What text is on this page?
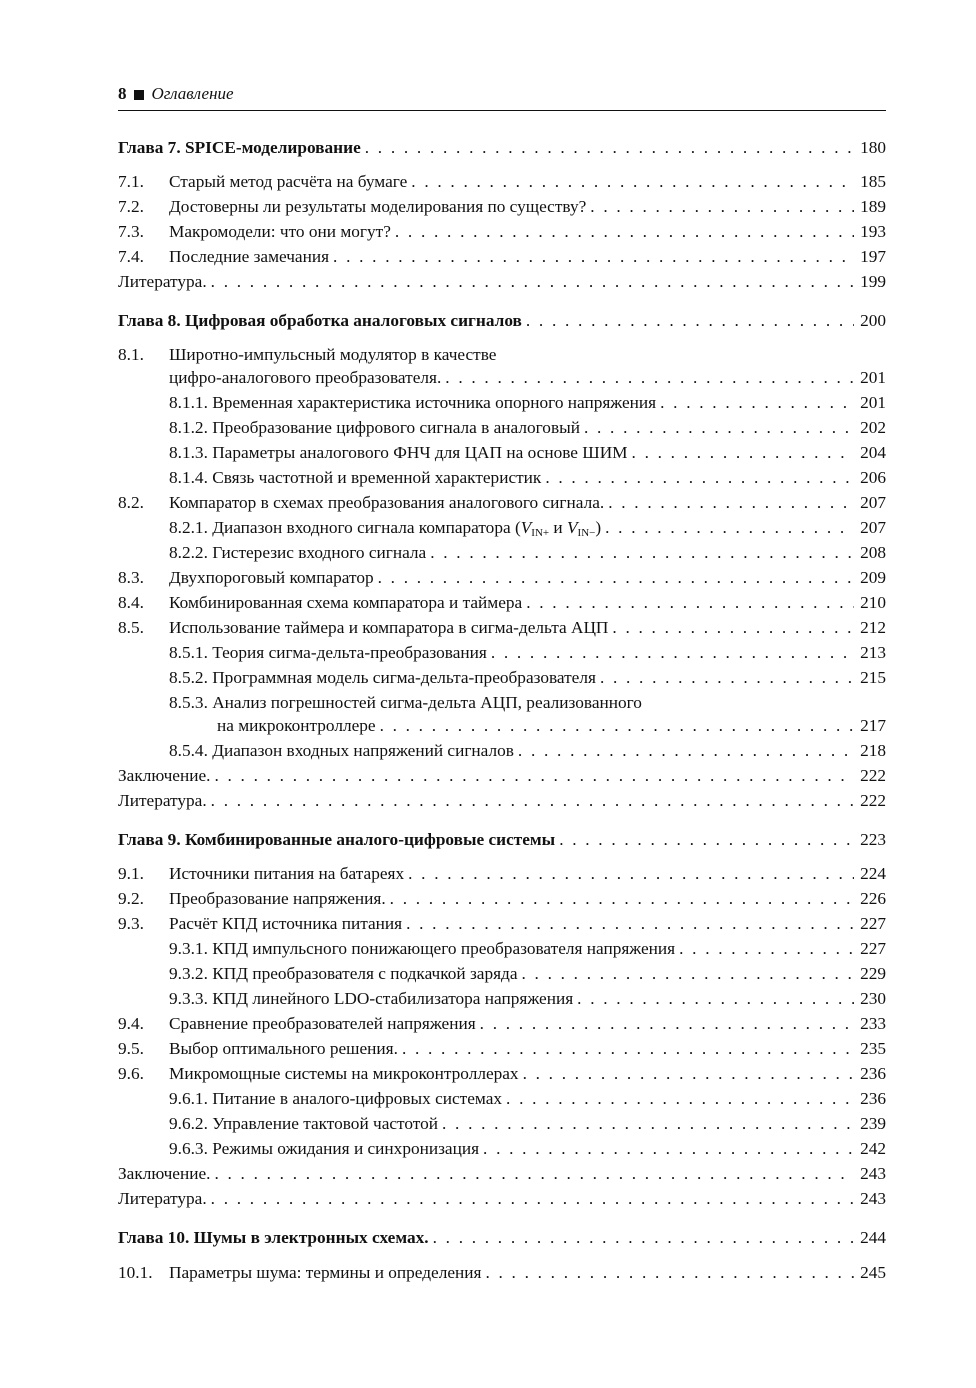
8 Оглавление
Глава 7. SPICE-моделирование . . .	180
7.1. Старый метод расчёта на бумаге . . .	185
7.2. Достоверны ли результаты моделирования по существу? . . .	189
7.3. Макромодели: что они могут? . . .	193
7.4. Последние замечания . . .	197
Литература. . . .	199
Глава 8. Цифровая обработка аналоговых сигналов . . .	200
8.1. Широтно-импульсный модулятор в качестве
цифро-аналогового преобразователя. . . .	201
8.1.1. Временная характеристика источника опорного напряжения . . .	201
8.1.2. Преобразование цифрового сигнала в аналоговый . . .	202
8.1.3. Параметры аналогового ФНЧ для ЦАП на основе ШИМ . . .	204
8.1.4. Связь частотной и временной характеристик . . .	206
8.2. Компаратор в схемах преобразования аналогового сигнала. . . .	207
8.2.1. Диапазон входного сигнала компаратора ($V_{IN+}$ и $V_{IN-}$) . . .	207
8.2.2. Гистерезис входного сигнала . . .	208
8.3. Двухпороговый компаратор . . .	209
8.4. Комбинированная схема компаратора и таймера . . .	210
8.5. Использование таймера и компаратора в сигма-дельта АЦП . . .	212
8.5.1. Теория сигма-дельта-преобразования . . .	213
8.5.2. Программная модель сигма-дельта-преобразователя . . .	215
8.5.3. Анализ погрешностей сигма-дельта АЦП, реализованного
на микроконтроллере . . .	217
8.5.4. Диапазон входных напряжений сигналов . . .	218
Заключение. . . .	222
Литература. . . .	222
Глава 9. Комбинированные аналого-цифровые системы . . .	223
9.1. Источники питания на батареях . . .	224
9.2. Преобразование напряжения. . . .	226
9.3. Расчёт КПД источника питания . . .	227
9.3.1. КПД импульсного понижающего преобразователя напряжения . . .	227
9.3.2. КПД преобразователя с подкачкой заряда . . .	229
9.3.3. КПД линейного LDO-стабилизатора напряжения . . .	230
9.4. Сравнение преобразователей напряжения . . .	233
9.5. Выбор оптимального решения. . . .	235
9.6. Микромощные системы на микроконтроллерах . . .	236
9.6.1. Питание в аналого-цифровых системах . . .	236
9.6.2. Управление тактовой частотой . . .	239
9.6.3. Режимы ожидания и синхронизация . . .	242
Заключение. . . .	243
Литература. . . .	243
Глава 10. Шумы в электронных схемах. . . .	244
10.1. Параметры шума: термины и определения . . .	245
